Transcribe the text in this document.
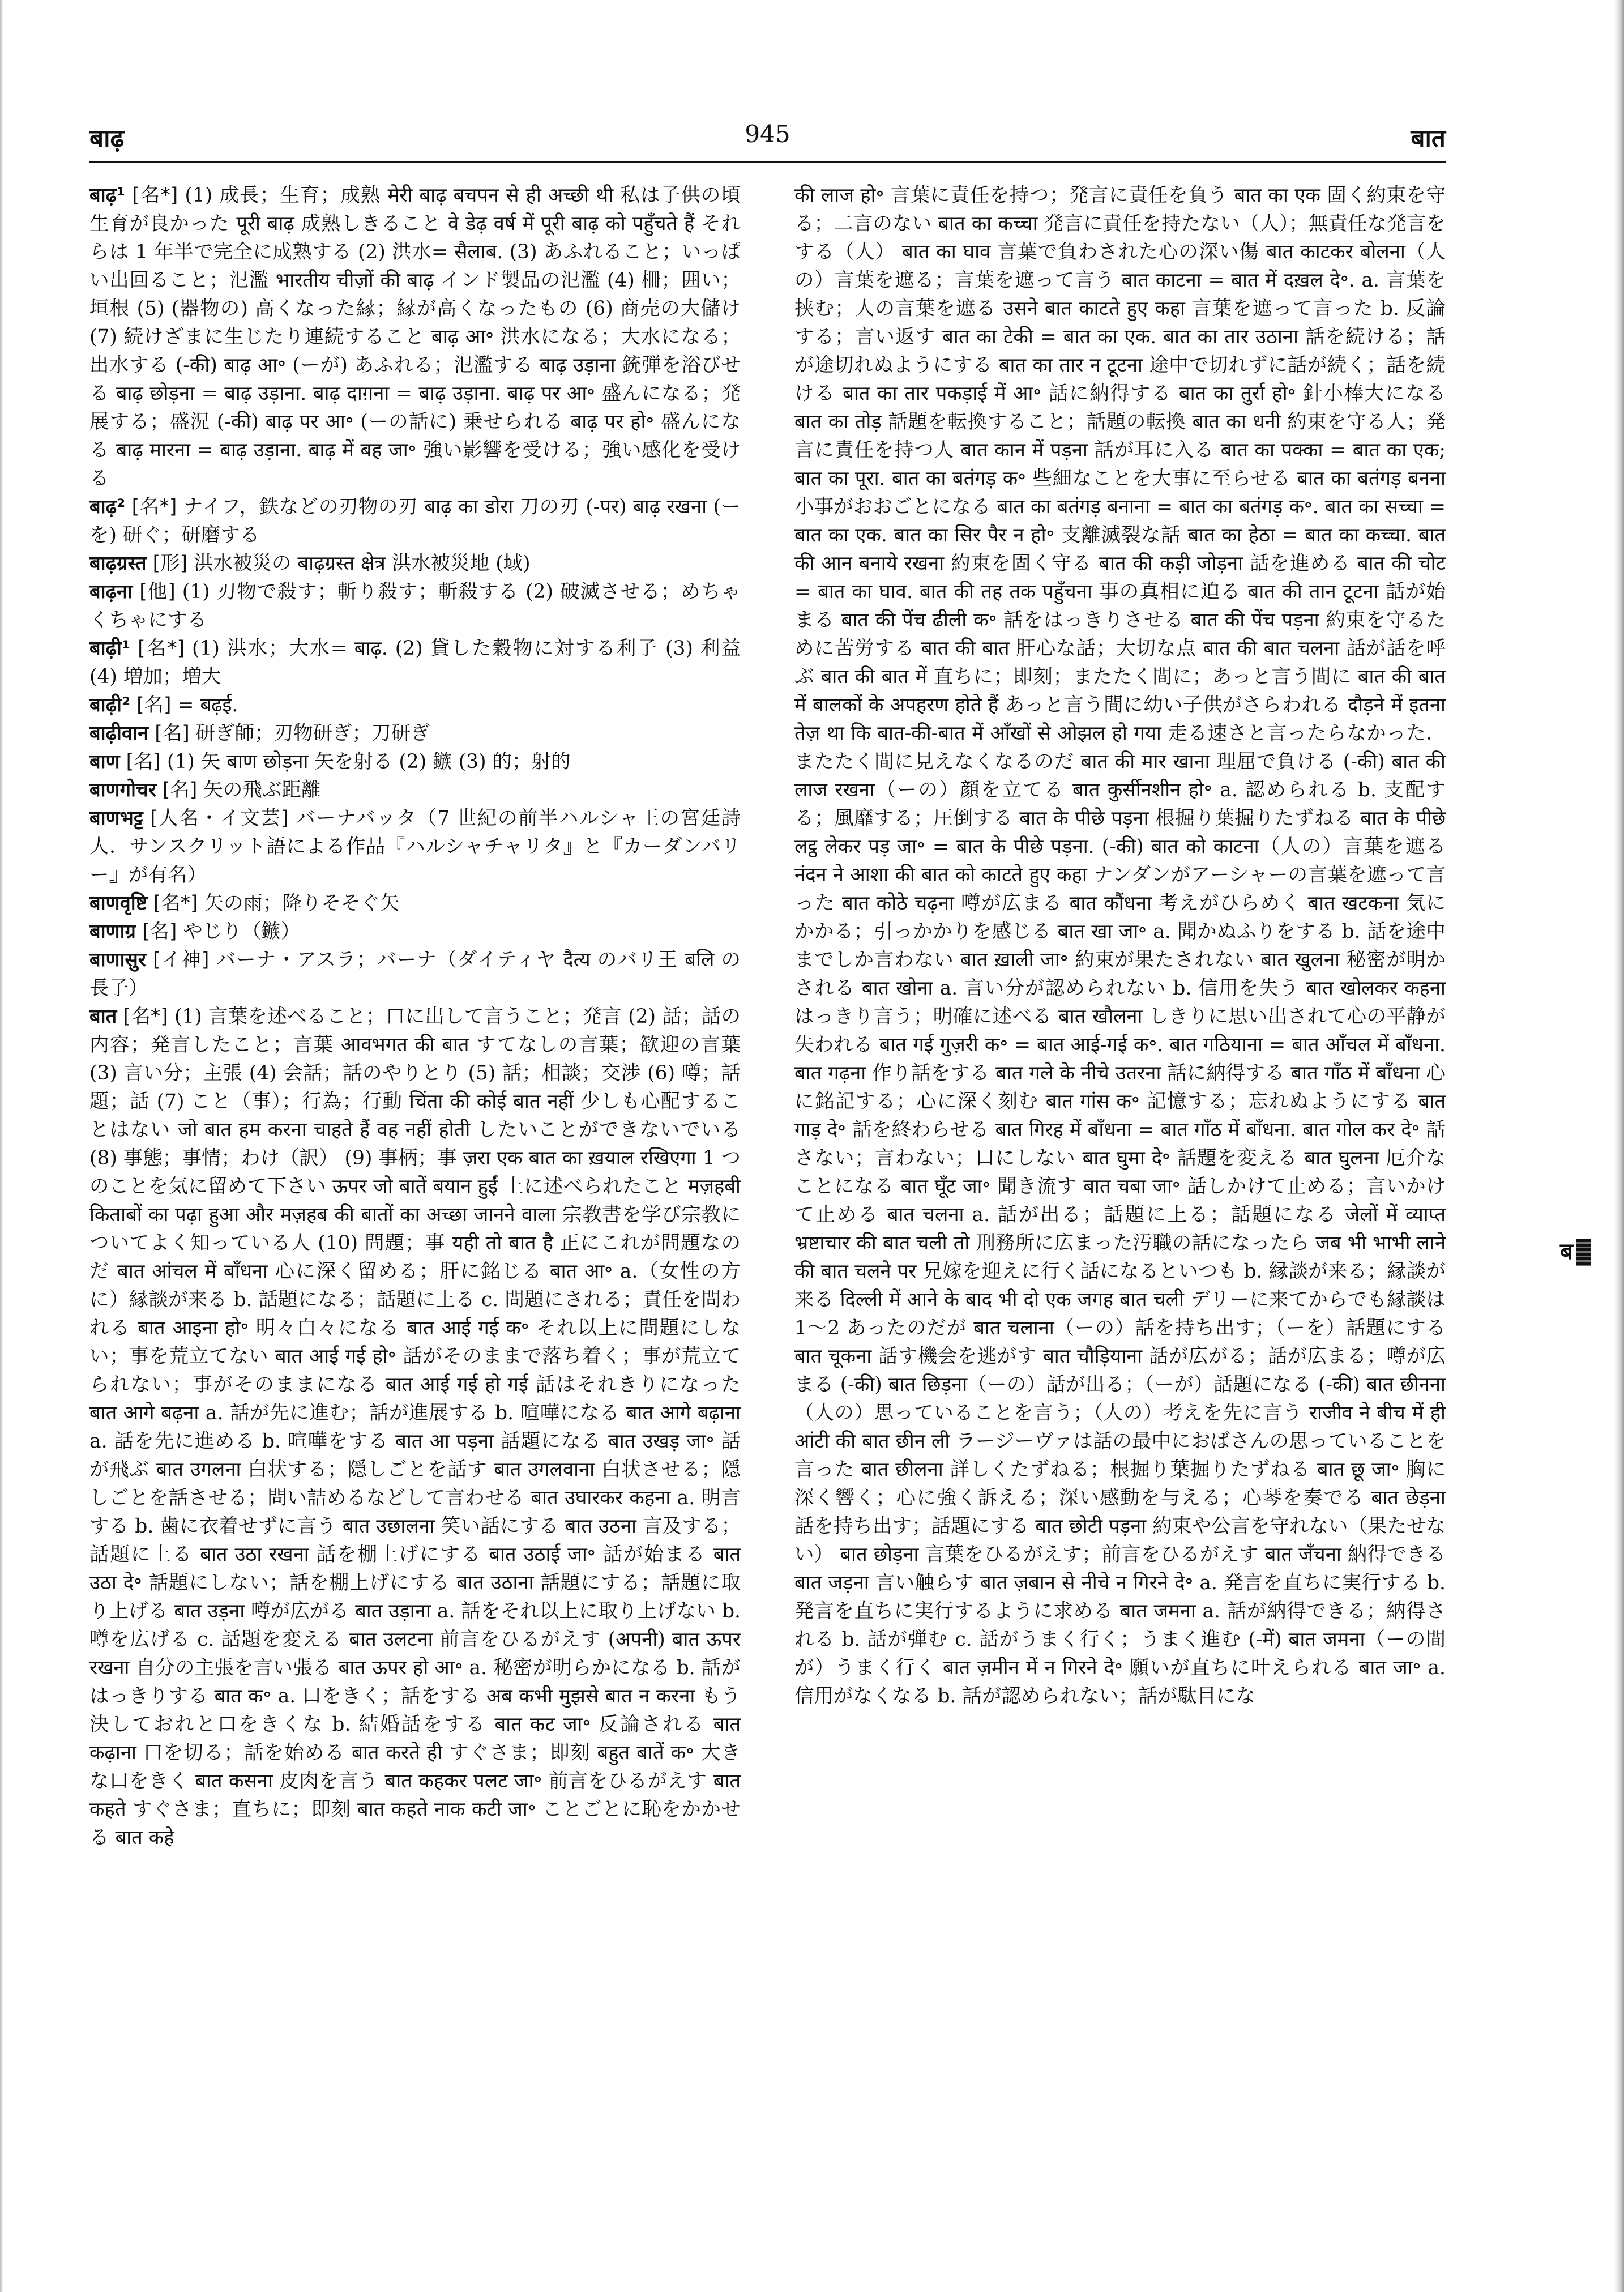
बाढ़	945	बात

बाढ़¹ [名*] (1) 成長；生育；成熟 मेरी बाढ़ बचपन से ही अच्छी थी 私は子供の頃生育が良かった पूरी बाढ़ 成熟しきること वे डेढ़ वर्ष में पूरी बाढ़ को पहुँचते हैं それらは 1 年半で完全に成熟する (2) 洪水= सैलाब. (3) あふれること；いっぱい出回ること；氾濫 भारतीय चीज़ों की बाढ़ インド製品の氾濫 (4) 柵；囲い；垣根 (5) (器物の) 高くなった縁；縁が高くなったもの (6) 商売の大儲け (7) 続けざまに生じたり連続すること बाढ़ आ॰ 洪水になる；大水になる；出水する (-की) बाढ़ आ॰ (ーが) あふれる；氾濫する बाढ़ उड़ाना 銃弾を浴びせる बाढ़ छोड़ना = बाढ़ उड़ाना. बाढ़ दाग़ना = बाढ़ उड़ाना. बाढ़ पर आ॰ 盛んになる；発展する；盛況 (-की) बाढ़ पर आ॰ (ーの話に) 乗せられる बाढ़ पर हो॰ 盛んになる बाढ़ मारना = बाढ़ उड़ाना. बाढ़ में बह जा॰ 強い影響を受ける；強い感化を受ける

बाढ़² [名*] ナイフ，鉄などの刃物の刃 बाढ़ का डोरा 刀の刃 (-पर) बाढ़ रखना (ーを) 研ぐ；研磨する

बाढ़ग्रस्त [形] 洪水被災の बाढ़ग्रस्त क्षेत्र 洪水被災地 (域)

बाढ़ना [他] (1) 刃物で殺す；斬り殺す；斬殺する (2) 破滅させる；めちゃくちゃにする

बाढ़ी¹ [名*] (1) 洪水；大水= बाढ़. (2) 貸した穀物に対する利子 (3) 利益 (4) 増加；増大

बाढ़ी² [名] = बढ़ई.

बाढ़ीवान [名] 研ぎ師；刃物研ぎ；刀研ぎ

बाण [名] (1) 矢 बाण छोड़ना 矢を射る (2) 鏃 (3) 的；射的

बाणगोचर [名] 矢の飛ぶ距離

बाणभट्ट [人名・イ文芸] バーナバッタ（7 世紀の前半ハルシャ王の宮廷詩人．サンスクリット語による作品『ハルシャチャリタ』と『カーダンバリー』が有名）

बाणवृष्टि [名*] 矢の雨；降りそそぐ矢

बाणाग्र [名] やじり（鏃）

बाणासुर [イ神] バーナ・アスラ；バーナ（ダイティヤ दैत्य のバリ王 बलि の長子）

बात [名*] (1) 言葉を述べること；口に出して言うこと；発言 (2) 話；話の内容；発言したこと；言葉 आवभगत की बात すてなしの言葉；歓迎の言葉 (3) 言い分；主張 (4) 会話；話のやりとり (5) 話；相談；交渉 (6) 噂；話題；話 (7) こと（事）；行為；行動 चिंता की कोई बात नहीं 少しも心配することはない जो बात हम करना चाहते हैं वह नहीं होती したいことができないでいる (8) 事態；事情；わけ（訳） (9) 事柄；事 ज़रा एक बात का ख़याल रखिएगा 1 つのことを気に留めて下さい ऊपर जो बातें बयान हुईं 上に述べられたこと मज़हबी किताबों का पढ़ा हुआ और मज़हब की बातों का अच्छा जानने वाला 宗教書を学び宗教についてよく知っている人 (10) 問題；事 यही तो बात है 正にこれが問題なのだ बात आंचल में बाँधना 心に深く留める；肝に銘じる बात आ॰ a.（女性の方に）縁談が来る b. 話題になる；話題に上る c. 問題にされる；責任を問われる बात आइना हो॰ 明々白々になる बात आई गई क॰ それ以上に問題にしない；事を荒立てない बात आई गई हो॰ 話がそのままで落ち着く；事が荒立てられない；事がそのままになる बात आई गई हो गई 話はそれきりになった बात आगे बढ़ना a. 話が先に進む；話が進展する b. 喧嘩になる बात आगे बढ़ाना a. 話を先に進める b. 喧嘩をする बात आ पड़ना 話題になる बात उखड़ जा॰ 話が飛ぶ बात उगलना 白状する；隠しごとを話す बात उगलवाना 白状させる；隠しごとを話させる；問い詰めるなどして言わせる बात उघारकर कहना a. 明言する b. 歯に衣着せずに言う बात उछालना 笑い話にする बात उठना 言及する；話題に上る बात उठा रखना 話を棚上げにする बात उठाई जा॰ 話が始まる बात उठा दे॰ 話題にしない；話を棚上げにする बात उठाना 話題にする；話題に取り上げる बात उड़ना 噂が広がる बात उड़ाना a. 話をそれ以上に取り上げない b. 噂を広げる c. 話題を変える बात उलटना 前言をひるがえす (अपनी) बात ऊपर रखना 自分の主張を言い張る बात ऊपर हो आ॰ a. 秘密が明らかになる b. 話がはっきりする बात क॰ a. 口をきく；話をする अब कभी मुझसे बात न करना もう決しておれと口をきくな b. 結婚話をする बात कट जा॰ 反論される बात कढ़ाना 口を切る；話を始める बात करते ही すぐさま；即刻 बहुत बातें क॰ 大きな口をきく बात कसना 皮肉を言う बात कहकर पलट जा॰ 前言をひるがえす बात कहते すぐさま；直ちに；即刻 बात कहते नाक कटी जा॰ ことごとに恥をかかせる बात कहे

की लाज हो॰ 言葉に責任を持つ；発言に責任を負う बात का एक 固く約束を守る；二言のない बात का कच्चा 発言に責任を持たない（人）；無責任な発言をする（人） बात का घाव 言葉で負わされた心の深い傷 बात काटकर बोलना（人の）言葉を遮る；言葉を遮って言う बात काटना = बात में दख़ल दे॰. a. 言葉を挟む；人の言葉を遮る उसने बात काटते हुए कहा 言葉を遮って言った b. 反論する；言い返す बात का टेकी = बात का एक. बात का तार उठाना 話を続ける；話が途切れぬようにする बात का तार न टूटना 途中で切れずに話が続く；話を続ける बात का तार पकड़ाई में आ॰ 話に納得する बात का तुर्रा हो॰ 針小棒大になる बात का तोड़ 話題を転換すること；話題の転換 बात का धनी 約束を守る人；発言に責任を持つ人 बात कान में पड़ना 話が耳に入る बात का पक्का = बात का एक; बात का पूरा. बात का बतंगड़ क॰ 些細なことを大事に至らせる बात का बतंगड़ बनना 小事がおおごとになる बात का बतंगड़ बनाना = बात का बतंगड़ क॰. बात का सच्चा = बात का एक. बात का सिर पैर न हो॰ 支離滅裂な話 बात का हेठा = बात का कच्चा. बात की आन बनाये रखना 約束を固く守る बात की कड़ी जोड़ना 話を進める बात की चोट = बात का घाव. बात की तह तक पहुँचना 事の真相に迫る बात की तान टूटना 話が始まる बात की पेंच ढीली क॰ 話をはっきりさせる बात की पेंच पड़ना 約束を守るために苦労する बात की बात 肝心な話；大切な点 बात की बात चलना 話が話を呼ぶ बात की बात में 直ちに；即刻；またたく間に；あっと言う間に बात की बात में बालकों के अपहरण होते हैं あっと言う間に幼い子供がさらわれる दौड़ने में इतना तेज़ था कि बात-की-बात में आँखों से ओझल हो गया 走る速さと言ったらなかった．またたく間に見えなくなるのだ बात की मार खाना 理屈で負ける (-की) बात की लाज रखना（ーの）顔を立てる बात कुर्सीनशीन हो॰ a. 認められる b. 支配する；風靡する；圧倒する बात के पीछे पड़ना 根掘り葉掘りたずねる बात के पीछे लट्ठ लेकर पड़ जा॰ = बात के पीछे पड़ना. (-की) बात को काटना（人の）言葉を遮る नंदन ने आशा की बात को काटते हुए कहा ナンダンがアーシャーの言葉を遮って言った बात कोठे चढ़ना 噂が広まる बात कौंधना 考えがひらめく बात खटकना 気にかかる；引っかかりを感じる बात खा जा॰ a. 聞かぬふりをする b. 話を途中までしか言わない बात ख़ाली जा॰ 約束が果たされない बात खुलना 秘密が明かされる बात खोना a. 言い分が認められない b. 信用を失う बात खोलकर कहना はっきり言う；明確に述べる बात खौलना しきりに思い出されて心の平静が失われる बात गई गुज़री क॰ = बात आई-गई क॰. बात गठियाना = बात आँचल में बाँधना. बात गढ़ना 作り話をする बात गले के नीचे उतरना 話に納得する बात गाँठ में बाँधना 心に銘記する；心に深く刻む बात गांस क॰ 記憶する；忘れぬようにする बात गाड़ दे॰ 話を終わらせる बात गिरह में बाँधना = बात गाँठ में बाँधना. बात गोल कर दे॰ 話さない；言わない；口にしない बात घुमा दे॰ 話題を変える बात घुलना 厄介なことになる बात घूँट जा॰ 聞き流す बात चबा जा॰ 話しかけて止める；言いかけて止める बात चलना a. 話が出る；話題に上る；話題になる जेलों में व्याप्त भ्रष्टाचार की बात चली तो 刑務所に広まった汚職の話になったら जब भी भाभी लाने की बात चलने पर 兄嫁を迎えに行く話になるといつも b. 縁談が来る；縁談が来る दिल्ली में आने के बाद भी दो एक जगह बात चली デリーに来てからでも縁談は 1〜2 あったのだが बात चलाना（ーの）話を持ち出す；（ーを）話題にする बात चूकना 話す機会を逃がす बात चौड़ियाना 話が広がる；話が広まる；噂が広まる (-की) बात छिड़ना（ーの）話が出る；（ーが）話題になる (-की) बात छीनना（人の）思っていることを言う；（人の）考えを先に言う राजीव ने बीच में ही आंटी की बात छीन ली ラージーヴァは話の最中におばさんの思っていることを言った बात छीलना 詳しくたずねる；根掘り葉掘りたずねる बात छू जा॰ 胸に深く響く；心に強く訴える；深い感動を与える；心琴を奏でる बात छेड़ना 話を持ち出す；話題にする बात छोटी पड़ना 約束や公言を守れない（果たせない） बात छोड़ना 言葉をひるがえす；前言をひるがえす बात जँचना 納得できる बात जड़ना 言い触らす बात ज़बान से नीचे न गिरने दे॰ a. 発言を直ちに実行する b. 発言を直ちに実行するように求める बात जमना a. 話が納得できる；納得される b. 話が弾む c. 話がうまく行く；うまく進む (-में) बात जमना（ーの間が）うまく行く बात ज़मीन में न गिरने दे॰ 願いが直ちに叶えられる बात जा॰ a. 信用がなくなる b. 話が認められない；話が駄目にな

ब
